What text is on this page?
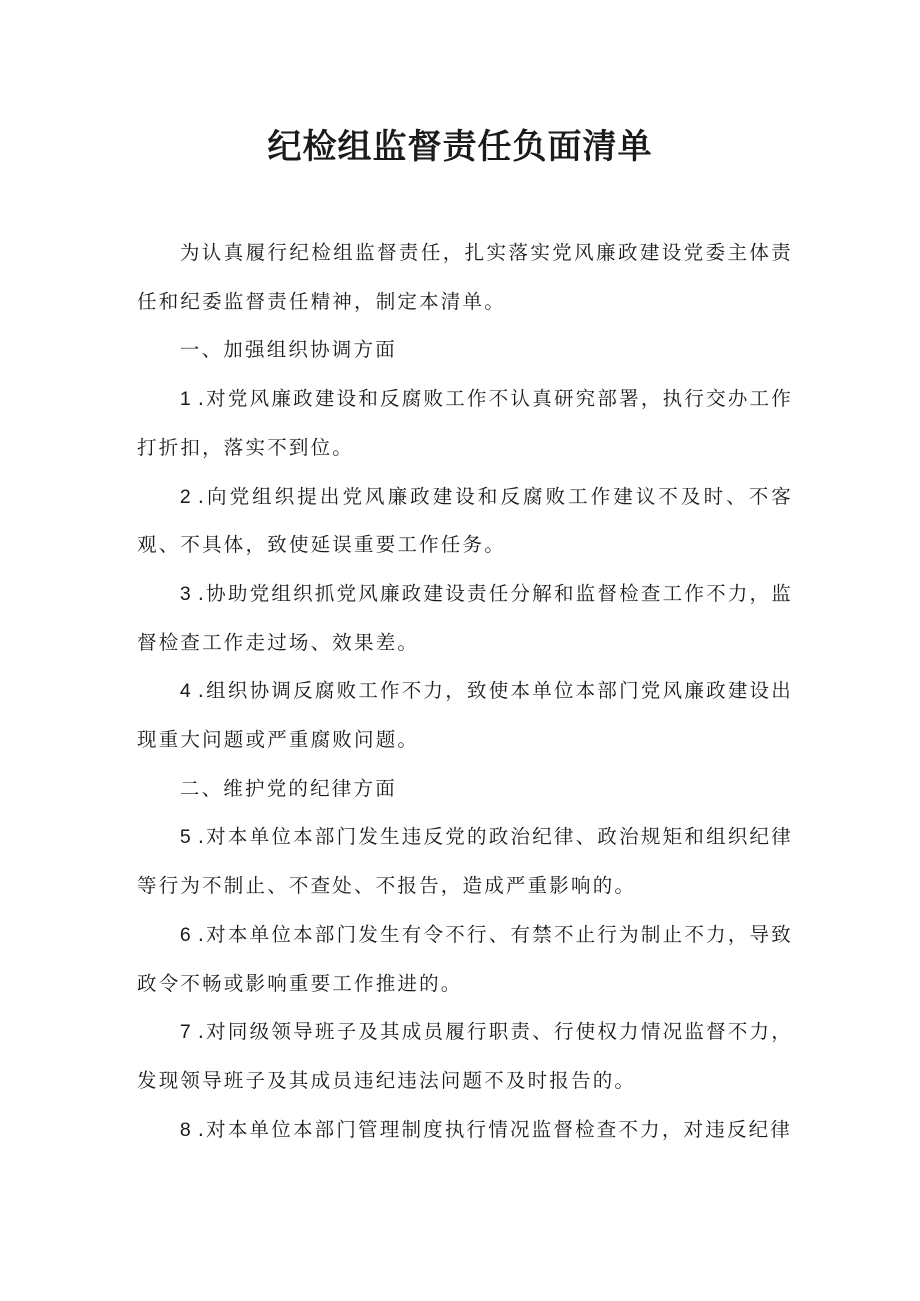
纪检组监督责任负面清单

为认真履行纪检组监督责任，扎实落实党风廉政建设党委主体责任和纪委监督责任精神，制定本清单。

一、加强组织协调方面

1 .对党风廉政建设和反腐败工作不认真研究部署，执行交办工作打折扣，落实不到位。

2 .向党组织提出党风廉政建设和反腐败工作建议不及时、不客观、不具体，致使延误重要工作任务。

3 .协助党组织抓党风廉政建设责任分解和监督检查工作不力，监督检查工作走过场、效果差。

4 .组织协调反腐败工作不力，致使本单位本部门党风廉政建设出现重大问题或严重腐败问题。

二、维护党的纪律方面

5 .对本单位本部门发生违反党的政治纪律、政治规矩和组织纪律等行为不制止、不查处、不报告，造成严重影响的。

6 .对本单位本部门发生有令不行、有禁不止行为制止不力，导致政令不畅或影响重要工作推进的。

7 .对同级领导班子及其成员履行职责、行使权力情况监督不力，发现领导班子及其成员违纪违法问题不及时报告的。

8 .对本单位本部门管理制度执行情况监督检查不力，对违反纪律
